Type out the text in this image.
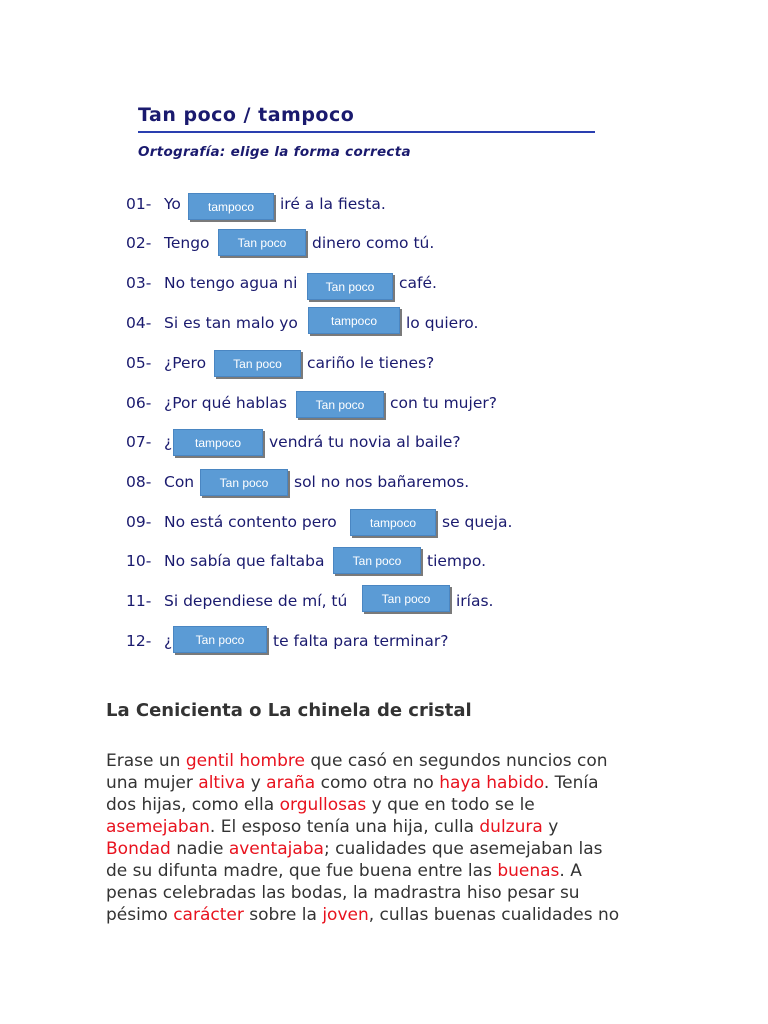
Tan poco / tampoco
Ortografía: elige la forma correcta
01- Yo	tampoco	iré a la fiesta.
02- Tengo	Tan poco	dinero como tú.
03- No tengo agua ni	Tan poco	café.
04- Si es tan malo yo	tampoco	lo quiero.
05- ¿Pero	Tan poco	cariño le tienes?
06- ¿Por qué hablas	Tan poco	con tu mujer?
07- ¿	tampoco	vendrá tu novia al baile?
08- Con	Tan poco	sol no nos bañaremos.
09- No está contento pero	tampoco	se queja.
10- No sabía que faltaba	Tan poco	tiempo.
11- Si dependiese de mí, tú	Tan poco	irías.
12- ¿	Tan poco	te falta para terminar?
La Cenicienta o La chinela de cristal
Erase un gentil hombre que casó en segundos nuncios con
una mujer altiva y araña como otra no haya habido. Tenía
dos hijas, como ella orgullosas y que en todo se le
asemejaban. El esposo tenía una hija, culla dulzura y
Bondad nadie aventajaba; cualidades que asemejaban las
de su difunta madre, que fue buena entre las buenas. A
penas celebradas las bodas, la madrastra hiso pesar su
pésimo carácter sobre la joven, cullas buenas cualidades no
